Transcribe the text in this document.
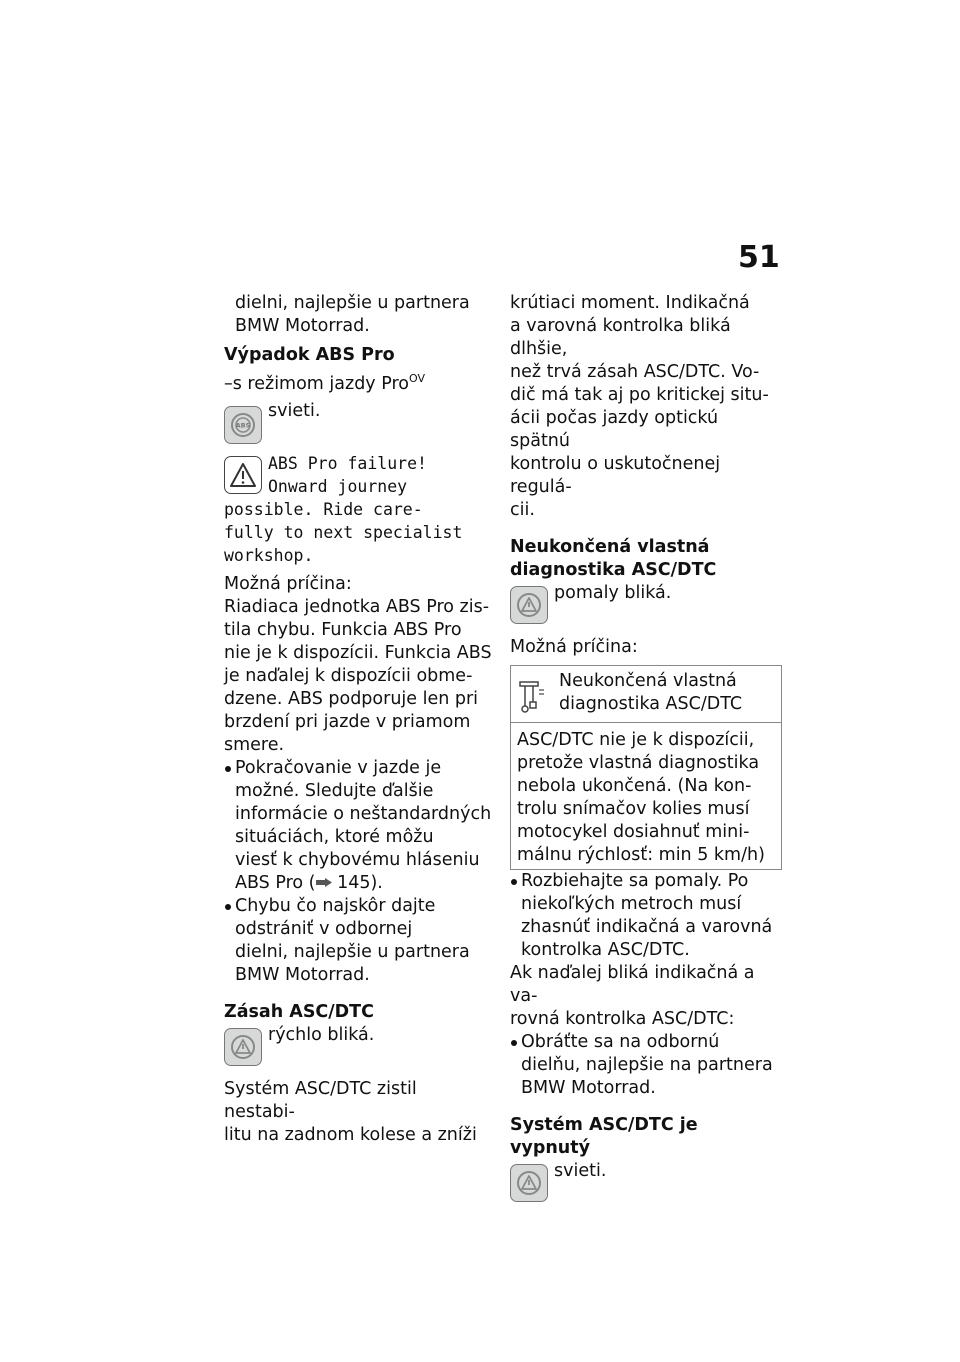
51

dielni, najlepšie u partnera

BMW Motorrad.

Výpadok ABS Pro

–s režimom jazdy Pro$^{OV}$

ABS
svieti.
ABS Pro failure!
Onward journey
possible. Ride care-
fully to next specialist
workshop.

Možná príčina:

Riadiaca jednotka ABS Pro zis-

tila chybu. Funkcia ABS Pro

nie je k dispozícii. Funkcia ABS

je naďalej k dispozícii obme-

dzene. ABS podporuje len pri

brzdení pri jazde v priamom

smere.

Pokračovanie v jazde je
možné. Sledujte ďalšie
informácie o neštandardných
situáciách, ktoré môžu
viesť k chybovému hláseniu
ABS Pro ( 145).
Chybu čo najskôr dajte
odstrániť v odbornej
dielni, najlepšie u partnera
BMW Motorrad.

Zásah ASC/DTC

rýchlo bliká.

Systém ASC/DTC zistil nestabi-

litu na zadnom kolese a zníži

krútiaci moment. Indikačná

a varovná kontrolka bliká dlhšie,

než trvá zásah ASC/DTC. Vo-

dič má tak aj po kritickej situ-

ácii počas jazdy optickú spätnú

kontrolu o uskutočnenej regulá-

cii.

Neukončená vlastná
diagnostika ASC/DTC

pomaly bliká.

Možná príčina:

Neukončená vlastná
diagnostika ASC/DTC
ASC/DTC nie je k dispozícii,
pretože vlastná diagnostika
nebola ukončená. (Na kon-
trolu snímačov kolies musí
motocykel dosiahnuť mini-
málnu rýchlosť: min 5 km/h)
Rozbiehajte sa pomaly. Po
niekoľkých metroch musí
zhasnúť indikačná a varovná
kontrolka ASC/DTC.

Ak naďalej bliká indikačná a va-

rovná kontrolka ASC/DTC:

Obráťte sa na odbornú
dielňu, najlepšie na partnera
BMW Motorrad.

Systém ASC/DTC je vypnutý

svieti.
